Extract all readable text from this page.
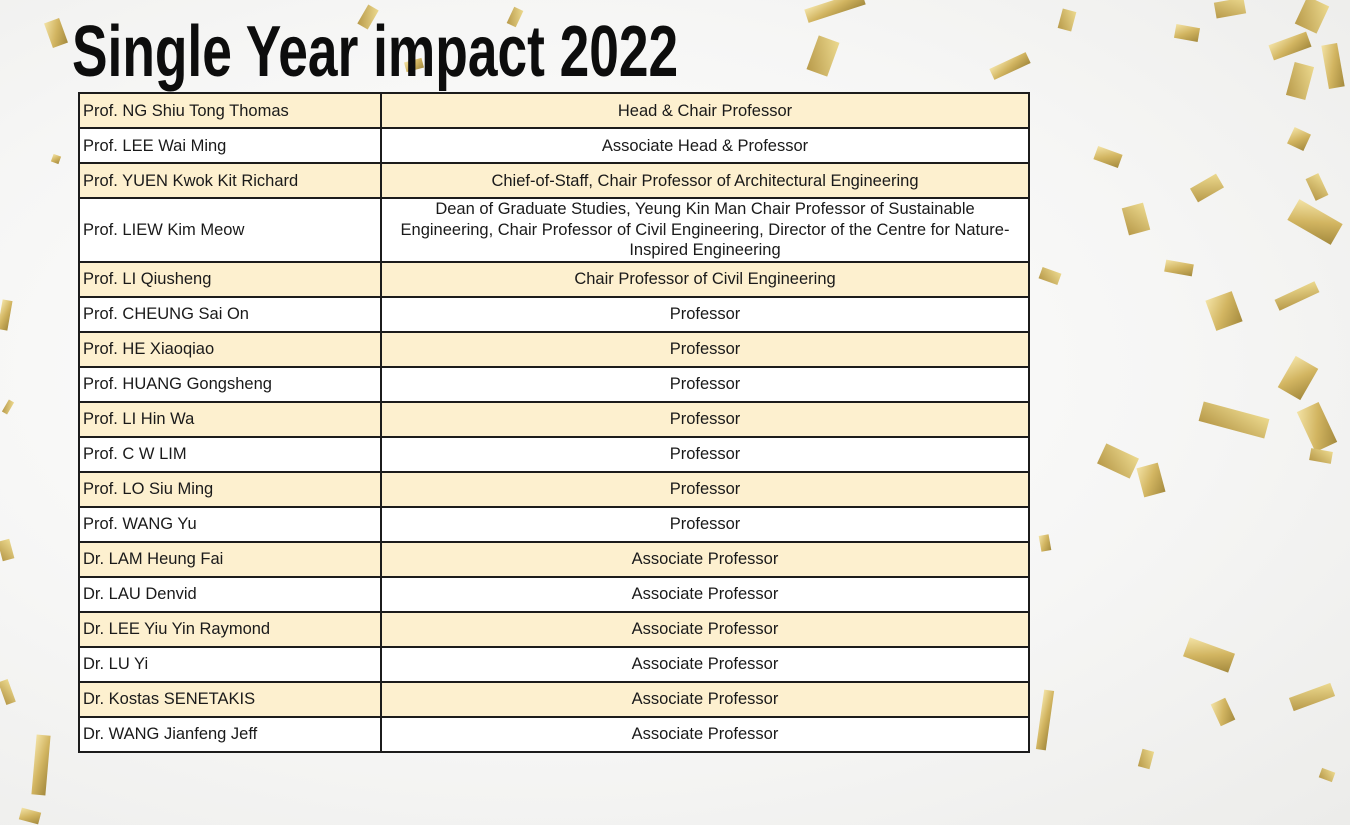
Single Year impact 2022
Prof. NG Shiu Tong Thomas	Head & Chair Professor
Prof. LEE Wai Ming	Associate Head & Professor
Prof. YUEN Kwok Kit Richard	Chief-of-Staff, Chair Professor of Architectural Engineering
Prof. LIEW Kim Meow	Dean of Graduate Studies, Yeung Kin Man Chair Professor of Sustainable Engineering, Chair Professor of Civil Engineering, Director of the Centre for Nature-Inspired Engineering
Prof. LI Qiusheng	Chair Professor of Civil Engineering
Prof. CHEUNG Sai On	Professor
Prof. HE Xiaoqiao	Professor
Prof. HUANG Gongsheng	Professor
Prof. LI Hin Wa	Professor
Prof. C W LIM	Professor
Prof. LO Siu Ming	Professor
Prof. WANG Yu	Professor
Dr. LAM Heung Fai	Associate Professor
Dr. LAU Denvid	Associate Professor
Dr. LEE Yiu Yin Raymond	Associate Professor
Dr. LU Yi	Associate Professor
Dr. Kostas SENETAKIS	Associate Professor
Dr. WANG Jianfeng Jeff	Associate Professor
